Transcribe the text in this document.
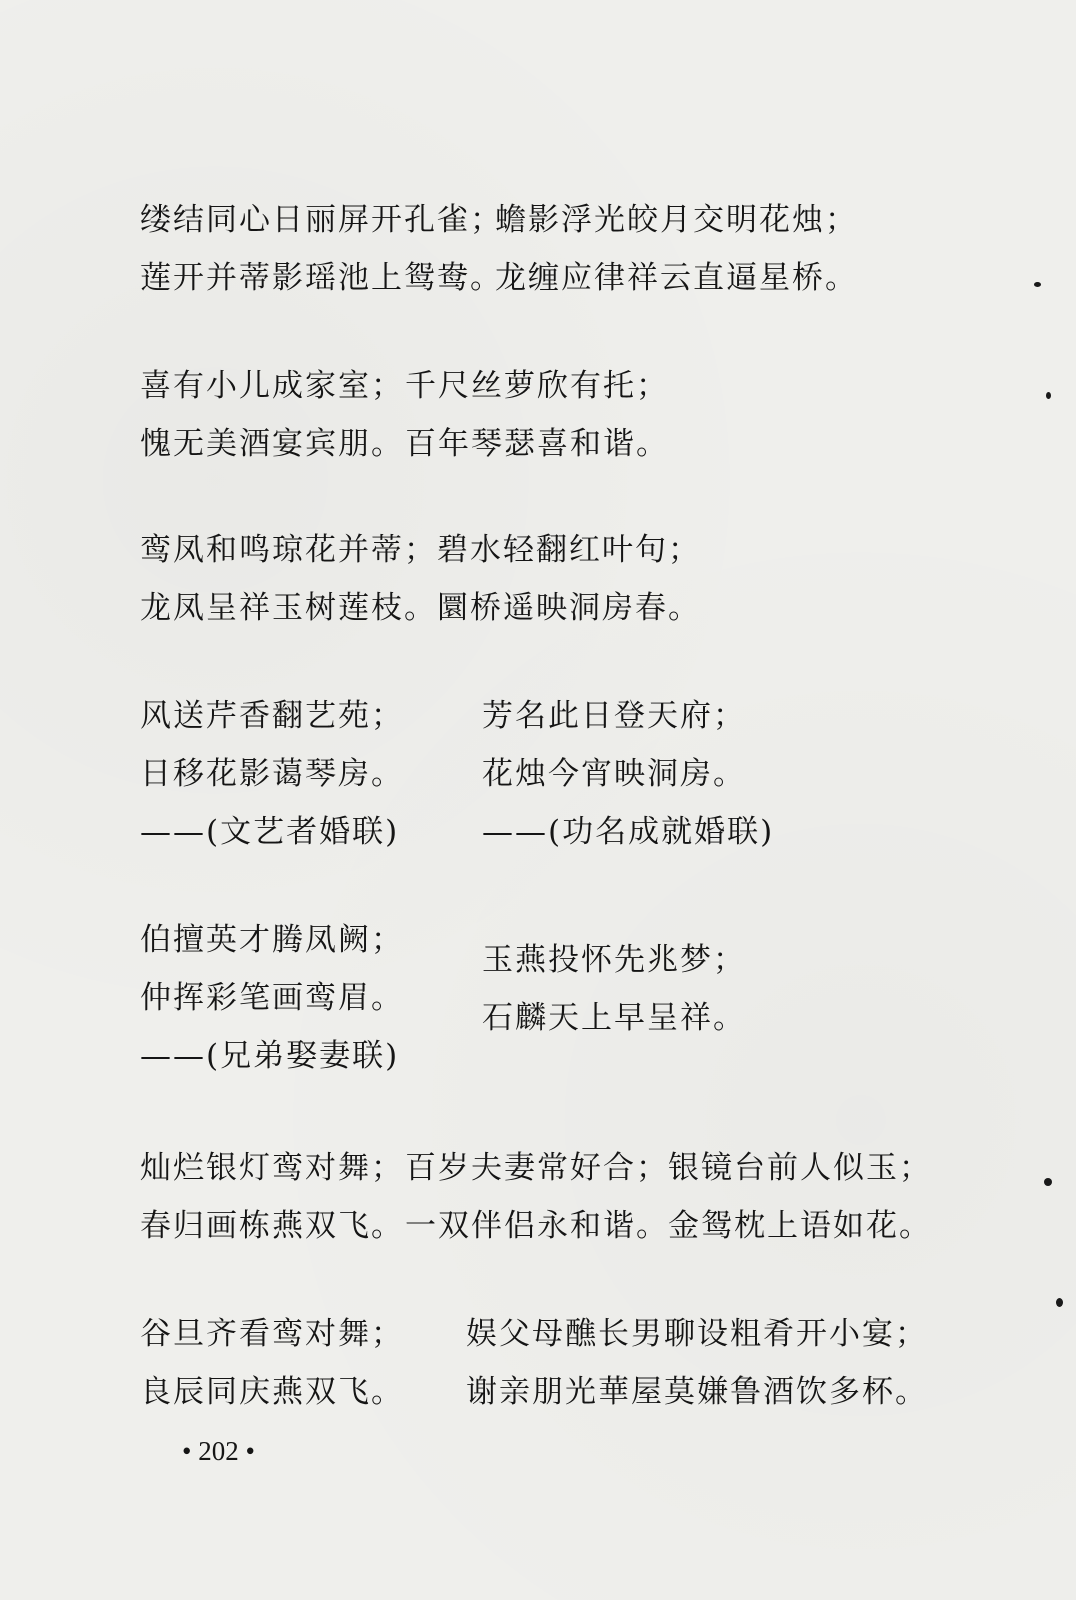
缕结同心日丽屏开孔雀；
莲开并蒂影瑶池上鸳鸯。
蟾影浮光皎月交明花烛；
龙缠应律祥云直逼星桥。
喜有小儿成家室；
愧无美酒宴宾朋。
千尺丝萝欣有托；
百年琴瑟喜和谐。
鸾凤和鸣琼花并蒂；
龙凤呈祥玉树莲枝。
碧水轻翻红叶句；
圜桥遥映洞房春。
风送芹香翻艺苑；
日移花影蔼琴房。
——(文艺者婚联)
芳名此日登天府；
花烛今宵映洞房。
——(功名成就婚联)
伯擅英才腾凤阙；
仲挥彩笔画鸾眉。
——(兄弟娶妻联)
玉燕投怀先兆梦；
石麟天上早呈祥。
灿烂银灯鸾对舞；
春归画栋燕双飞。
百岁夫妻常好合；
一双伴侣永和谐。
银镜台前人似玉；
金鸳枕上语如花。
谷旦齐看鸾对舞；
良辰同庆燕双飞。
娱父母醮长男聊设粗肴开小宴；
谢亲朋光華屋莫嫌鲁酒饮多杯。
• 202 •
